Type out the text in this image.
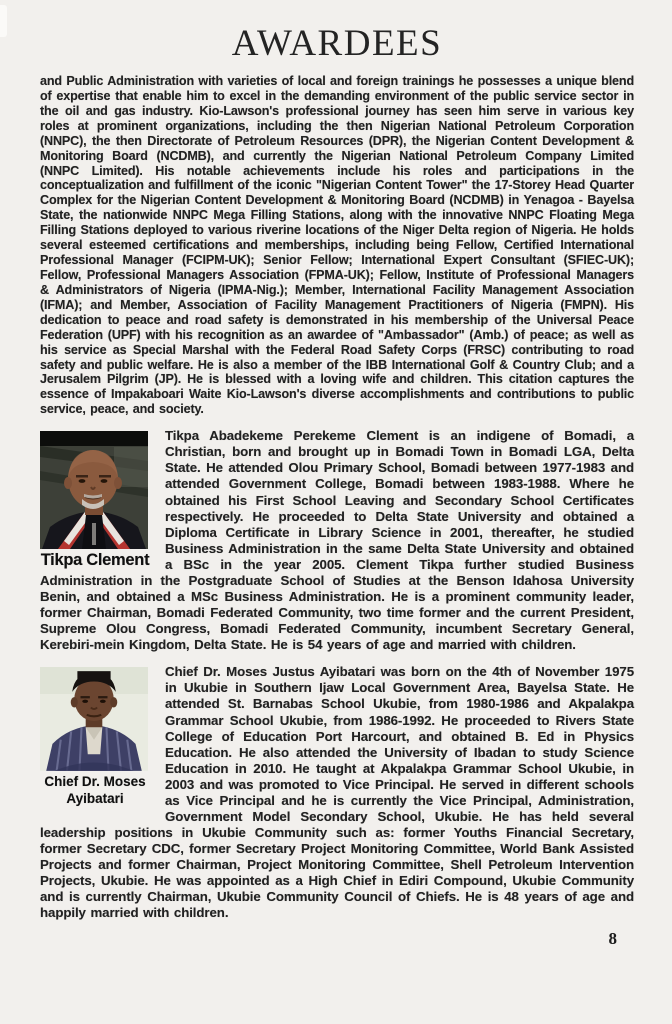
AWARDEES

and Public Administration with varieties of local and foreign trainings he possesses a unique blend of expertise that enable him to excel in the demanding environment of the public service sector in the oil and gas industry. Kio-Lawson's professional journey has seen him serve in various key roles at prominent organizations, including the then Nigerian National Petroleum Corporation (NNPC), the then Directorate of Petroleum Resources (DPR), the Nigerian Content Development & Monitoring Board (NCDMB), and currently the Nigerian National Petroleum Company Limited (NNPC Limited). His notable achievements include his roles and participations in the conceptualization and fulfillment of the iconic "Nigerian Content Tower" the 17-Storey Head Quarter Complex for the Nigerian Content Development & Monitoring Board (NCDMB) in Yenagoa - Bayelsa State, the nationwide NNPC Mega Filling Stations, along with the innovative NNPC Floating Mega Filling Stations deployed to various riverine locations of the Niger Delta region of Nigeria. He holds several esteemed certifications and memberships, including being Fellow, Certified International Professional Manager (FCIPM-UK); Senior Fellow; International Expert Consultant (SFIEC-UK); Fellow, Professional Managers Association (FPMA-UK); Fellow, Institute of Professional Managers & Administrators of Nigeria (IPMA-Nig.); Member, International Facility Management Association (IFMA); and Member, Association of Facility Management Practitioners of Nigeria (FMPN). His dedication to peace and road safety is demonstrated in his membership of the Universal Peace Federation (UPF) with his recognition as an awardee of "Ambassador" (Amb.) of peace; as well as his service as Special Marshal with the Federal Road Safety Corps (FRSC) contributing to road safety and public welfare. He is also a member of the IBB International Golf & Country Club; and a Jerusalem Pilgrim (JP). He is blessed with a loving wife and children. This citation captures the essence of Impakaboari Waite Kio-Lawson's diverse accomplishments and contributions to public service, peace, and society.

Tikpa Clement

Tikpa Abadekeme Perekeme Clement is an indigene of Bomadi, a Christian, born and brought up in Bomadi Town in Bomadi LGA, Delta State. He attended Olou Primary School, Bomadi between 1977-1983 and attended Government College, Bomadi between 1983-1988. Where he obtained his First School Leaving and Secondary School Certificates respectively. He proceeded to Delta State University and obtained a Diploma Certificate in Library Science in 2001, thereafter, he studied Business Administration in the same Delta State University and obtained a BSc in the year 2005. Clement Tikpa further studied Business Administration in the Postgraduate School of Studies at the Benson Idahosa University Benin, and obtained a MSc Business Administration. He is a prominent community leader, former Chairman, Bomadi Federated Community, two time former and the current President, Supreme Olou Congress, Bomadi Federated Community, incumbent Secretary General, Kerebiri-mein Kingdom, Delta State. He is 54 years of age and married with children.

Chief Dr. Moses
Ayibatari

Chief Dr. Moses Justus Ayibatari was born on the 4th of November 1975 in Ukubie in Southern Ijaw Local Government Area, Bayelsa State. He attended St. Barnabas School Ukubie, from 1980-1986 and Akpalakpa Grammar School Ukubie, from 1986-1992. He proceeded to Rivers State College of Education Port Harcourt, and obtained B. Ed in Physics Education. He also attended the University of Ibadan to study Science Education in 2010. He taught at Akpalakpa Grammar School Ukubie, in 2003 and was promoted to Vice Principal. He served in different schools as Vice Principal and he is currently the Vice Principal, Administration, Government Model Secondary School, Ukubie. He has held several leadership positions in Ukubie Community such as: former Youths Financial Secretary, former Secretary CDC, former Secretary Project Monitoring Committee, World Bank Assisted Projects and former Chairman, Project Monitoring Committee, Shell Petroleum Intervention Projects, Ukubie. He was appointed as a High Chief in Ediri Compound, Ukubie Community and is currently Chairman, Ukubie Community Council of Chiefs. He is 48 years of age and happily married with children.

8
